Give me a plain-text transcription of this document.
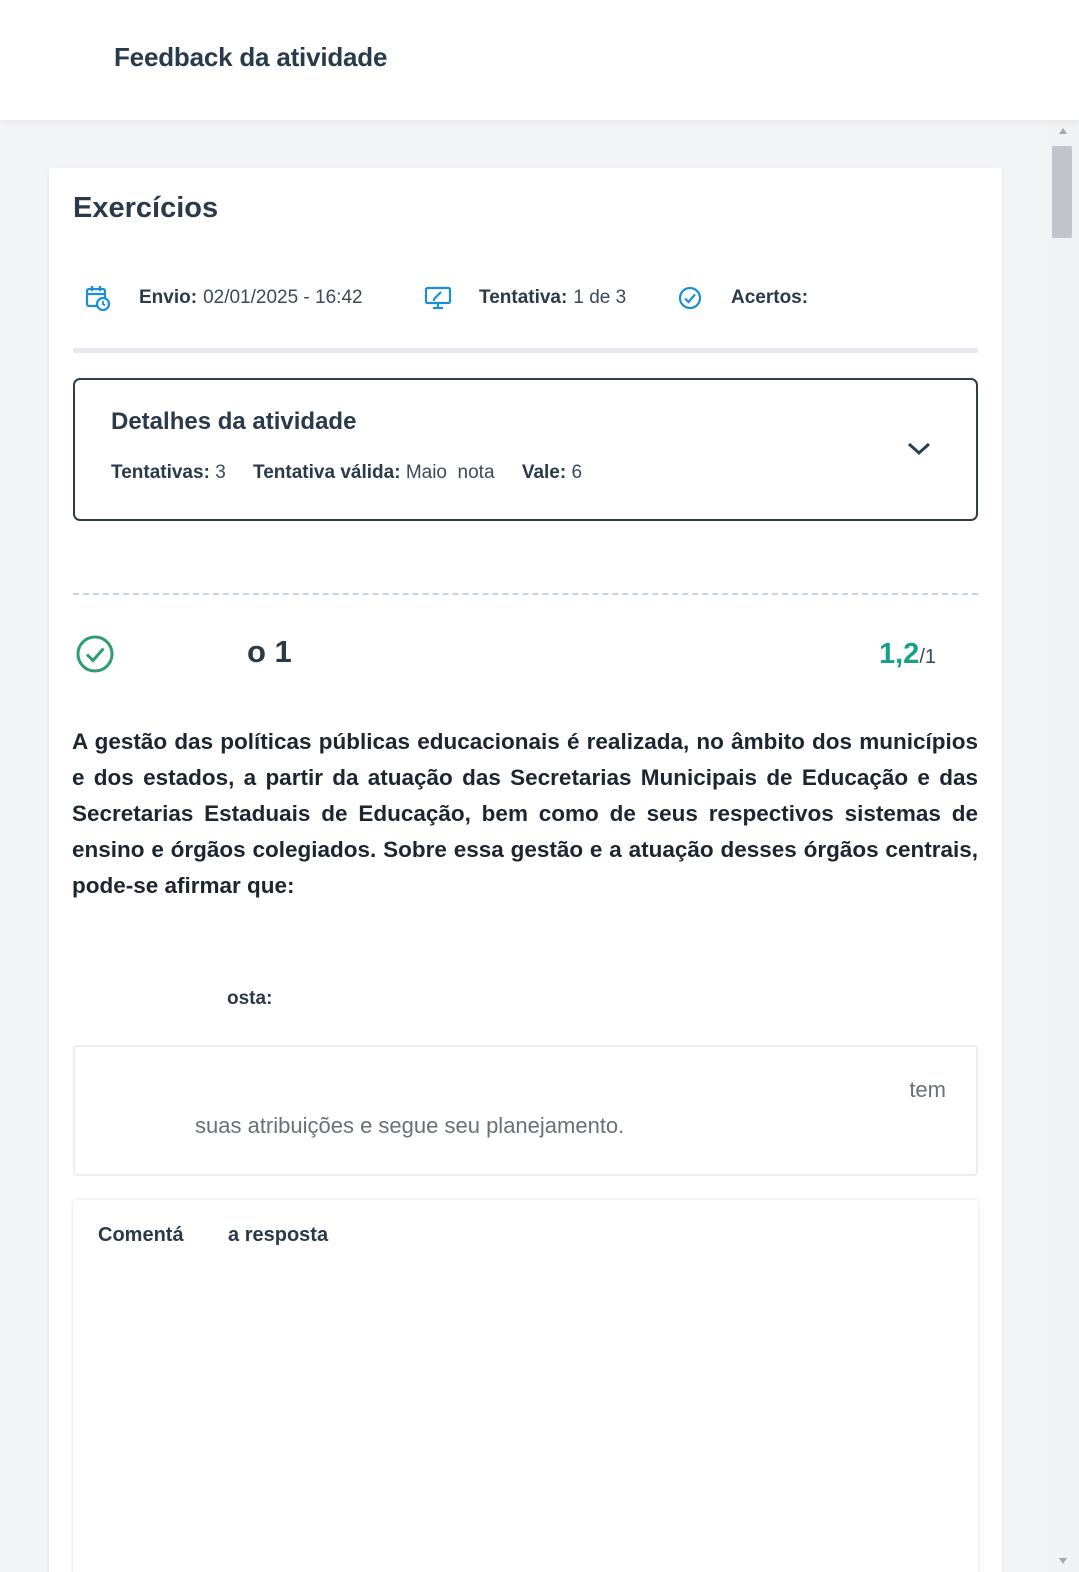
Feedback da atividade
Exercícios
Envio: 02/01/2025 - 16:42	Tentativa: 1 de 3	Acertos:
Detalhes da atividade
Tentativas: 3 Tentativa válida: Maio  nota Vale: 6
o 1	1,2/1
A gestão das políticas públicas educacionais é realizada, no âmbito dos municípios e dos estados, a partir da atuação das Secretarias Municipais de Educação e das Secretarias Estaduais de Educação, bem como de seus respectivos sistemas de ensino e órgãos colegiados. Sobre essa gestão e a atuação desses órgãos centrais, pode-se afirmar que:
osta:
tem
suas atribuições e segue seu planejamento.
Comentá        a resposta
